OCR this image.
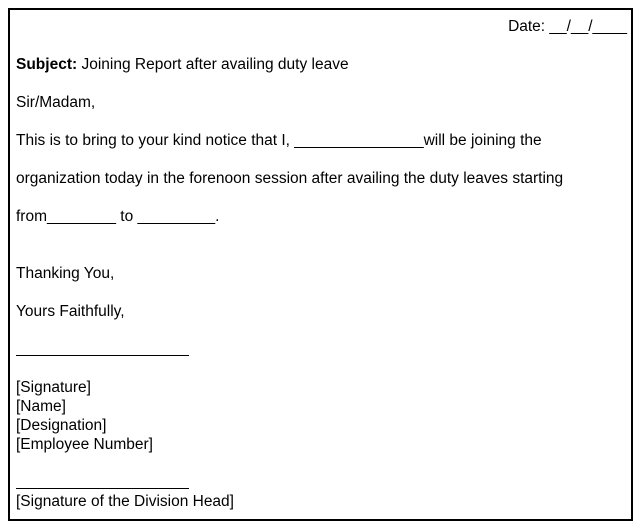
Date: __/__/____
Subject: Joining Report after availing duty leave
Sir/Madam,
This is to bring to your kind notice that I, _______________will be joining the
organization today in the forenoon session after availing the duty leaves starting
from________ to _________.
Thanking You,
Yours Faithfully,
[Signature]
[Name]
[Designation]
[Employee Number]
[Signature of the Division Head]
